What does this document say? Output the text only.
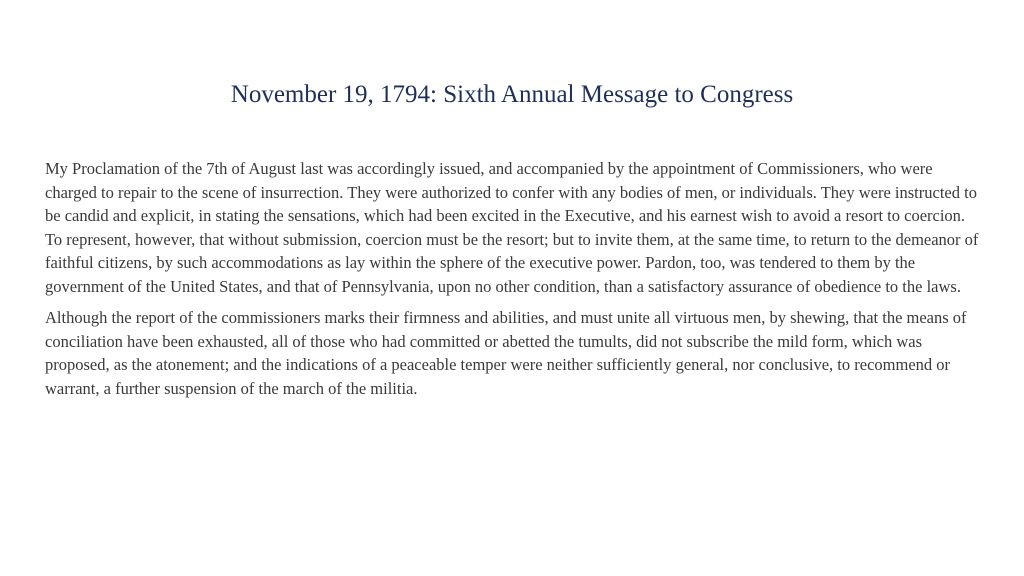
November 19, 1794: Sixth Annual Message to Congress

My Proclamation of the 7th of August last was accordingly issued, and accompanied by the appointment of Commissioners, who were charged to repair to the scene of insurrection. They were authorized to confer with any bodies of men, or individuals. They were instructed to be candid and explicit, in stating the sensations, which had been excited in the Executive, and his earnest wish to avoid a resort to coercion. To represent, however, that without submission, coercion must be the resort; but to invite them, at the same time, to return to the demeanor of faithful citizens, by such accommodations as lay within the sphere of the executive power. Pardon, too, was tendered to them by the government of the United States, and that of Pennsylvania, upon no other condition, than a satisfactory assurance of obedience to the laws.

Although the report of the commissioners marks their firmness and abilities, and must unite all virtuous men, by shewing, that the means of conciliation have been exhausted, all of those who had committed or abetted the tumults, did not subscribe the mild form, which was proposed, as the atonement; and the indications of a peaceable temper were neither sufficiently general, nor conclusive, to recommend or warrant, a further suspension of the march of the militia.
